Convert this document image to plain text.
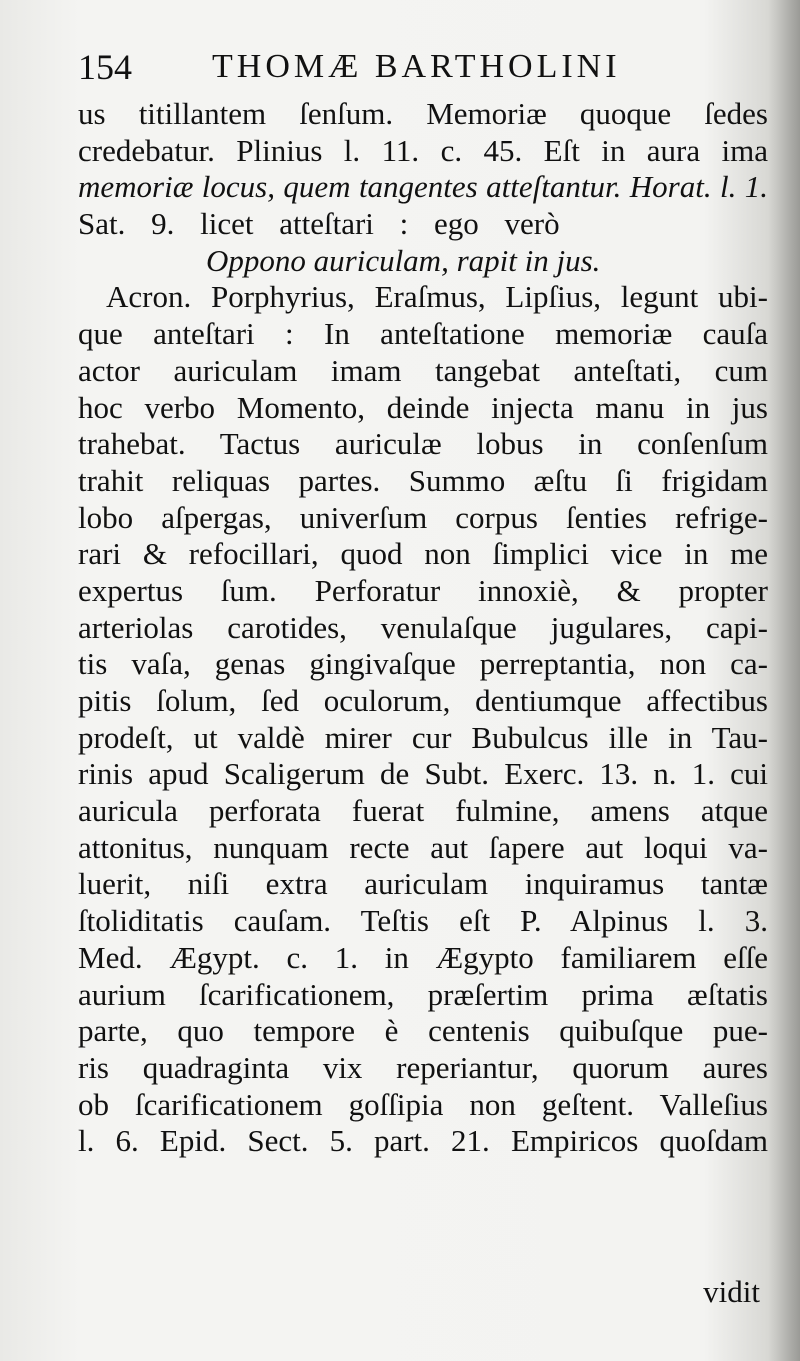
154 THOMÆ BARTHOLINI
us titillantem ſenſum. Memoriæ quoque ſedes
credebatur. Plinius l. 11. c. 45. Eſt in aura ima
memoriæ locus, quem tangentes atteſtantur. Horat. l. 1.
Sat. 9. licet atteſtari : ego verò
Oppono auriculam, rapit in jus.
Acron. Porphyrius, Eraſmus, Lipſius, legunt ubi-
que anteſtari : In anteſtatione memoriæ cauſa
actor auriculam imam tangebat anteſtati, cum
hoc verbo Momento, deinde injecta manu in jus
trahebat. Tactus auriculæ lobus in conſenſum
trahit reliquas partes. Summo æſtu ſi frigidam
lobo aſpergas, univerſum corpus ſenties refrige-
rari & refocillari, quod non ſimplici vice in me
expertus ſum. Perforatur innoxiè, & propter
arteriolas carotides, venulaſque jugulares, capi-
tis vaſa, genas gingivaſque perreptantia, non ca-
pitis ſolum, ſed oculorum, dentiumque affectibus
prodeſt, ut valdè mirer cur Bubulcus ille in Tau-
rinis apud Scaligerum de Subt. Exerc. 13. n. 1. cui
auricula perforata fuerat fulmine, amens atque
attonitus, nunquam recte aut ſapere aut loqui va-
luerit, niſi extra auriculam inquiramus tantæ
ſtoliditatis cauſam. Teſtis eſt P. Alpinus l. 3.
Med. Ægypt. c. 1. in Ægypto familiarem eſſe
aurium ſcarificationem, præſertim prima æſtatis
parte, quo tempore è centenis quibuſque pue-
ris quadraginta vix reperiantur, quorum aures
ob ſcarificationem goſſipia non geſtent. Valleſius
l. 6. Epid. Sect. 5. part. 21. Empiricos quoſdam
vidit
